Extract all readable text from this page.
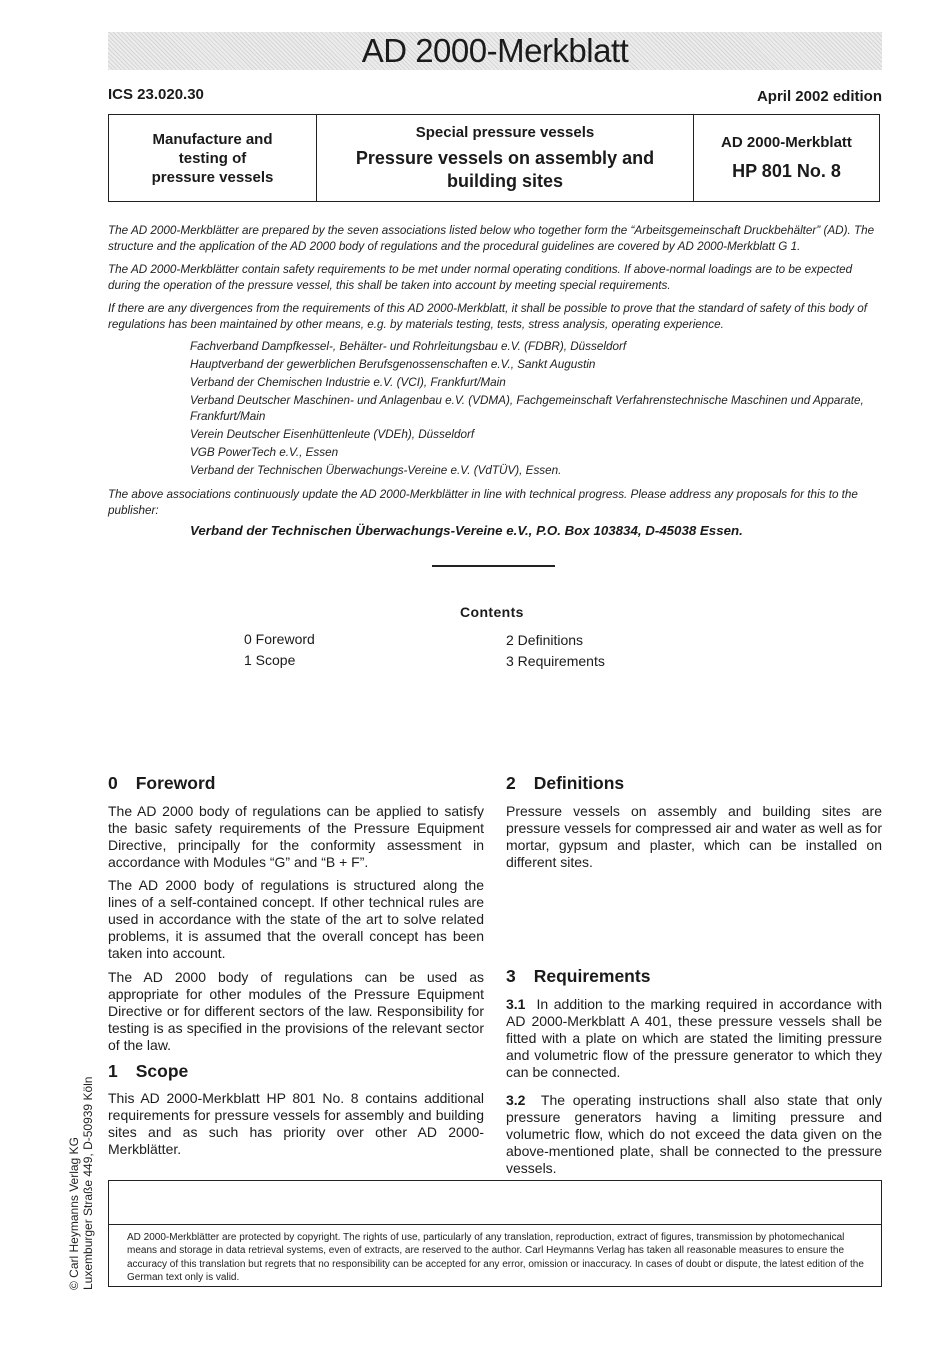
AD 2000-Merkblatt
ICS 23.020.30	April 2002 edition
Manufacture and
testing of
pressure vessels
Special pressure vessels
Pressure vessels on assembly and building sites
AD 2000-Merkblatt
HP 801 No. 8

The AD 2000-Merkblätter are prepared by the seven associations listed below who together form the “Arbeitsgemeinschaft Druckbehälter” (AD). The structure and the application of the AD 2000 body of regulations and the procedural guidelines are covered by AD 2000-Merkblatt G 1.

The AD 2000-Merkblätter contain safety requirements to be met under normal operating conditions. If above-normal loadings are to be expected during the operation of the pressure vessel, this shall be taken into account by meeting special requirements.

If there are any divergences from the requirements of this AD 2000-Merkblatt, it shall be possible to prove that the standard of safety of this body of regulations has been maintained by other means, e.g. by materials testing, tests, stress analysis, operating experience.

Fachverband Dampfkessel-, Behälter- und Rohrleitungsbau e.V. (FDBR), Düsseldorf
Hauptverband der gewerblichen Berufsgenossenschaften e.V., Sankt Augustin
Verband der Chemischen Industrie e.V. (VCI), Frankfurt/Main
Verband Deutscher Maschinen- und Anlagenbau e.V. (VDMA), Fachgemeinschaft Verfahrenstechnische Maschinen und Apparate, Frankfurt/Main
Verein Deutscher Eisenhüttenleute (VDEh), Düsseldorf
VGB PowerTech e.V., Essen
Verband der Technischen Überwachungs-Vereine e.V. (VdTÜV), Essen.

The above associations continuously update the AD 2000-Merkblätter in line with technical progress. Please address any proposals for this to the publisher:

Verband der Technischen Überwachungs-Vereine e.V., P.O. Box 103834, D-45038 Essen.
Contents
0 Foreword
1 Scope
2 Definitions
3 Requirements
0 Foreword

The AD 2000 body of regulations can be applied to satisfy the basic safety requirements of the Pressure Equipment Directive, principally for the conformity assessment in accordance with Modules “G” and “B + F”.

The AD 2000 body of regulations is structured along the lines of a self-contained concept. If other technical rules are used in accordance with the state of the art to solve related problems, it is assumed that the overall concept has been taken into account.

The AD 2000 body of regulations can be used as appropriate for other modules of the Pressure Equipment Directive or for different sectors of the law. Responsibility for testing is as specified in the provisions of the relevant sector of the law.

1 Scope

This AD 2000-Merkblatt HP 801 No. 8 contains additional requirements for pressure vessels for assembly and building sites and as such has priority over other AD 2000-Merkblätter.

2 Definitions

Pressure vessels on assembly and building sites are pressure vessels for compressed air and water as well as for mortar, gypsum and plaster, which can be installed on different sites.

3 Requirements

3.1 In addition to the marking required in accordance with AD 2000-Merkblatt A 401, these pressure vessels shall be fitted with a plate on which are stated the limiting pressure and volumetric flow of the pressure generator to which they can be connected.

3.2 The operating instructions shall also state that only pressure generators having a limiting pressure and volumetric flow, which do not exceed the data given on the above-mentioned plate, shall be connected to the pressure vessels.

© Carl Heymanns Verlag KG Luxemburger Straße 449, D-50939 Köln	AD 2000-Merkblätter are protected by copyright. The rights of use, particularly of any translation, reproduction, extract of figures, transmission by photomechanical means and storage in data retrieval systems, even of extracts, are reserved to the author. Carl Heymanns Verlag has taken all reasonable measures to ensure the accuracy of this translation but regrets that no responsibility can be accepted for any error, omission or inaccuracy. In cases of doubt or dispute, the latest edition of the German text only is valid.
